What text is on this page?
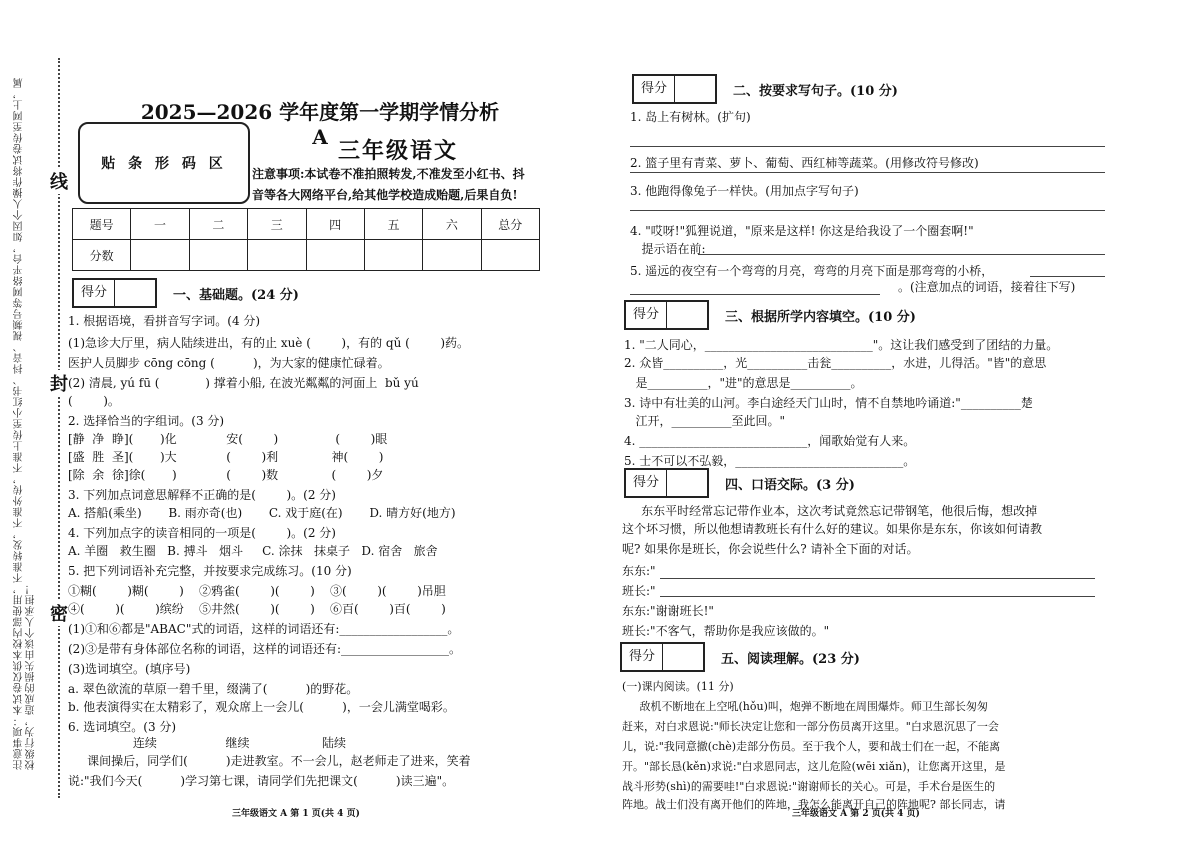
注意事项：本试卷仅供本校内部使用，不准转发，不准外传，不准上传至小红书、抖音、视频号等网络平台，如因个人操作将试卷传至网上，属校级行为，造成的损失由该个人承担！
线
封
密
2025—2026 学年度第一学期学情分析 A
贴 条 形 码 区	三年级语文
注意事项:本试卷不准拍照转发,不准发至小红书、抖
音等各大网络平台,给其他学校造成贻题,后果自负!
题号	一	二	三	四	五	六	总分
分数							
得分	一、基础题。(24 分)
1. 根据语境，看拼音写字词。(4 分)
(1)急诊大厅里，病人陆续进出，有的止 xuè (        )，有的 qǔ (        )药。
医护人员脚步 cōng cōng (          )，为大家的健康忙碌着。
(2) 清晨, yú fū (            ) 撑着小船, 在波光粼粼的河面上  bǔ yú
(        )。
2. 选择恰当的字组词。(3 分)
[静  净  睁](       )化             安(        )               (        )眼
[盛  胜  圣](       )大             (        )利              神(        )
[除  余  徐]徐(       )             (        )数              (        )夕
3. 下列加点词意思解释不正确的是(        )。(2 分)
A. 搭船(乘坐)       B. 雨亦奇(也)       C. 戏于庭(在)       D. 晴方好(地方)
4. 下列加点字的读音相同的一项是(        )。(2 分)
A. 羊圈   救生圈   B. 搏斗   烟斗     C. 涂抹   抹桌子   D. 宿舍   旅舍
5. 把下列词语补充完整，并按要求完成练习。(10 分)
①糊(        )糊(        )    ②鸦雀(        )(        )    ③(        )(        )吊胆
④(        )(        )缤纷    ⑤井然(        )(        )    ⑥百(        )百(        )
(1)①和⑥都是"ABAC"式的词语，这样的词语还有:__________________。
(2)③是带有身体部位名称的词语，这样的词语还有:__________________。
(3)选词填空。(填序号)
a. 翠色欲流的草原一碧千里，缀满了(          )的野花。
b. 他表演得实在太精彩了，观众席上一会儿(          )，一会儿满堂喝彩。
6. 选词填空。(3 分)
连续                  继续                   陆续
课间操后，同学们(          )走进教室。不一会儿，赵老师走了进来，笑着
说:"我们今天(          )学习第七课，请同学们先把课文(          )读三遍"。
三年级语文 A 第 1 页(共 4 页)
得分	二、按要求写句子。(10 分)
1. 岛上有树林。(扩句)
2. 篮子里有青菜、萝卜、葡萄、西红柿等蔬菜。(用修改符号修改)
3. 他跑得像兔子一样快。(用加点字写句子)
4. "哎呀!"狐狸说道，"原来是这样! 你这是给我设了一个圈套啊!"
提示语在前:
5. 遥远的夜空有一个弯弯的月亮，弯弯的月亮下面是那弯弯的小桥，
。(注意加点的词语，接着往下写)
得分	三、根据所学内容填空。(10 分)
1. "二人同心，____________________________"。这让我们感受到了团结的力量。
2. 众皆__________，光__________击瓮__________，水进，儿得活。"皆"的意思
是__________，"进"的意思是__________。
3. 诗中有壮美的山河。李白途经天门山时，情不自禁地吟诵道:"__________楚
江开，__________至此回。"
4. ____________________________，闻歌始觉有人来。
5. 士不可以不弘毅，____________________________。
得分	四、口语交际。(3 分)
东东平时经常忘记带作业本，这次考试竟然忘记带钢笔，他很后悔，想改掉
这个坏习惯，所以他想请教班长有什么好的建议。如果你是东东，你该如何请教
呢? 如果你是班长，你会说些什么? 请补全下面的对话。
东东:"
班长:"
东东:"谢谢班长!"
班长:"不客气，帮助你是我应该做的。"
得分	五、阅读理解。(23 分)
(一)课内阅读。(11 分)
敌机不断地在上空吼(hǒu)叫，炮弹不断地在周围爆炸。师卫生部长匆匆
赶来，对白求恩说:"师长决定让您和一部分伤员离开这里。"白求恩沉思了一会
儿，说:"我同意撤(chè)走部分伤员。至于我个人，要和战士们在一起，不能离
开。"部长恳(kěn)求说:"白求恩同志，这儿危险(wēi xiǎn)，让您离开这里，是
战斗形势(shì)的需要哇!"白求恩说:"谢谢师长的关心。可是，手术台是医生的
阵地。战士们没有离开他们的阵地，我怎么能离开自己的阵地呢? 部长同志，请
三年级语文 A 第 2 页(共 4 页)
